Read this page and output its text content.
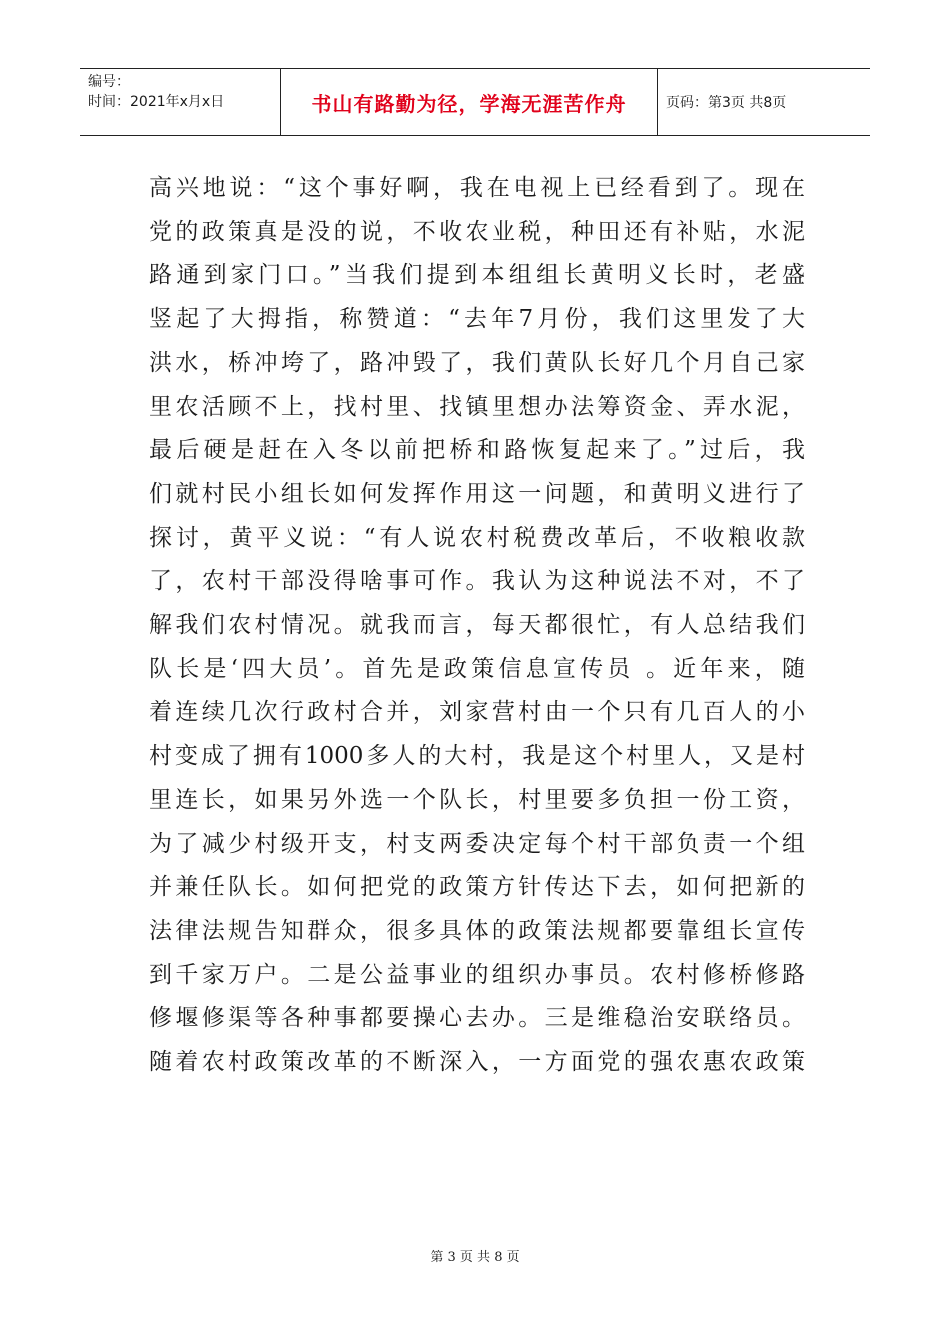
编号：
时间：2021年x月x日	书山有路勤为径，学海无涯苦作舟	页码：第3页 共8页

高兴地说：“这个事好啊，我在电视上已经看到了。现在
党的政策真是没的说，不收农业税，种田还有补贴，水泥
路通到家门口。”当我们提到本组组长黄明义长时，老盛
竖起了大拇指，称赞道：“去年7月份，我们这里发了大
洪水，桥冲垮了，路冲毁了，我们黄队长好几个月自己家
里农活顾不上，找村里、找镇里想办法筹资金、弄水泥，
最后硬是赶在入冬以前把桥和路恢复起来了。”过后，我
们就村民小组长如何发挥作用这一问题，和黄明义进行了
探讨，黄平义说：“有人说农村税费改革后，不收粮收款
了，农村干部没得啥事可作。我认为这种说法不对，不了
解我们农村情况。就我而言，每天都很忙，有人总结我们
队长是‘四大员’。首先是政策信息宣传员 。近年来，随
着连续几次行政村合并，刘家营村由一个只有几百人的小
村变成了拥有1000多人的大村，我是这个村里人，又是村
里连长，如果另外选一个队长，村里要多负担一份工资，
为了减少村级开支，村支两委决定每个村干部负责一个组
并兼任队长。如何把党的政策方针传达下去，如何把新的
法律法规告知群众，很多具体的政策法规都要靠组长宣传
到千家万户。二是公益事业的组织办事员。农村修桥修路
修堰修渠等各种事都要操心去办。三是维稳治安联络员。
随着农村政策改革的不断深入，一方面党的强农惠农政策

第 3 页 共 8 页
